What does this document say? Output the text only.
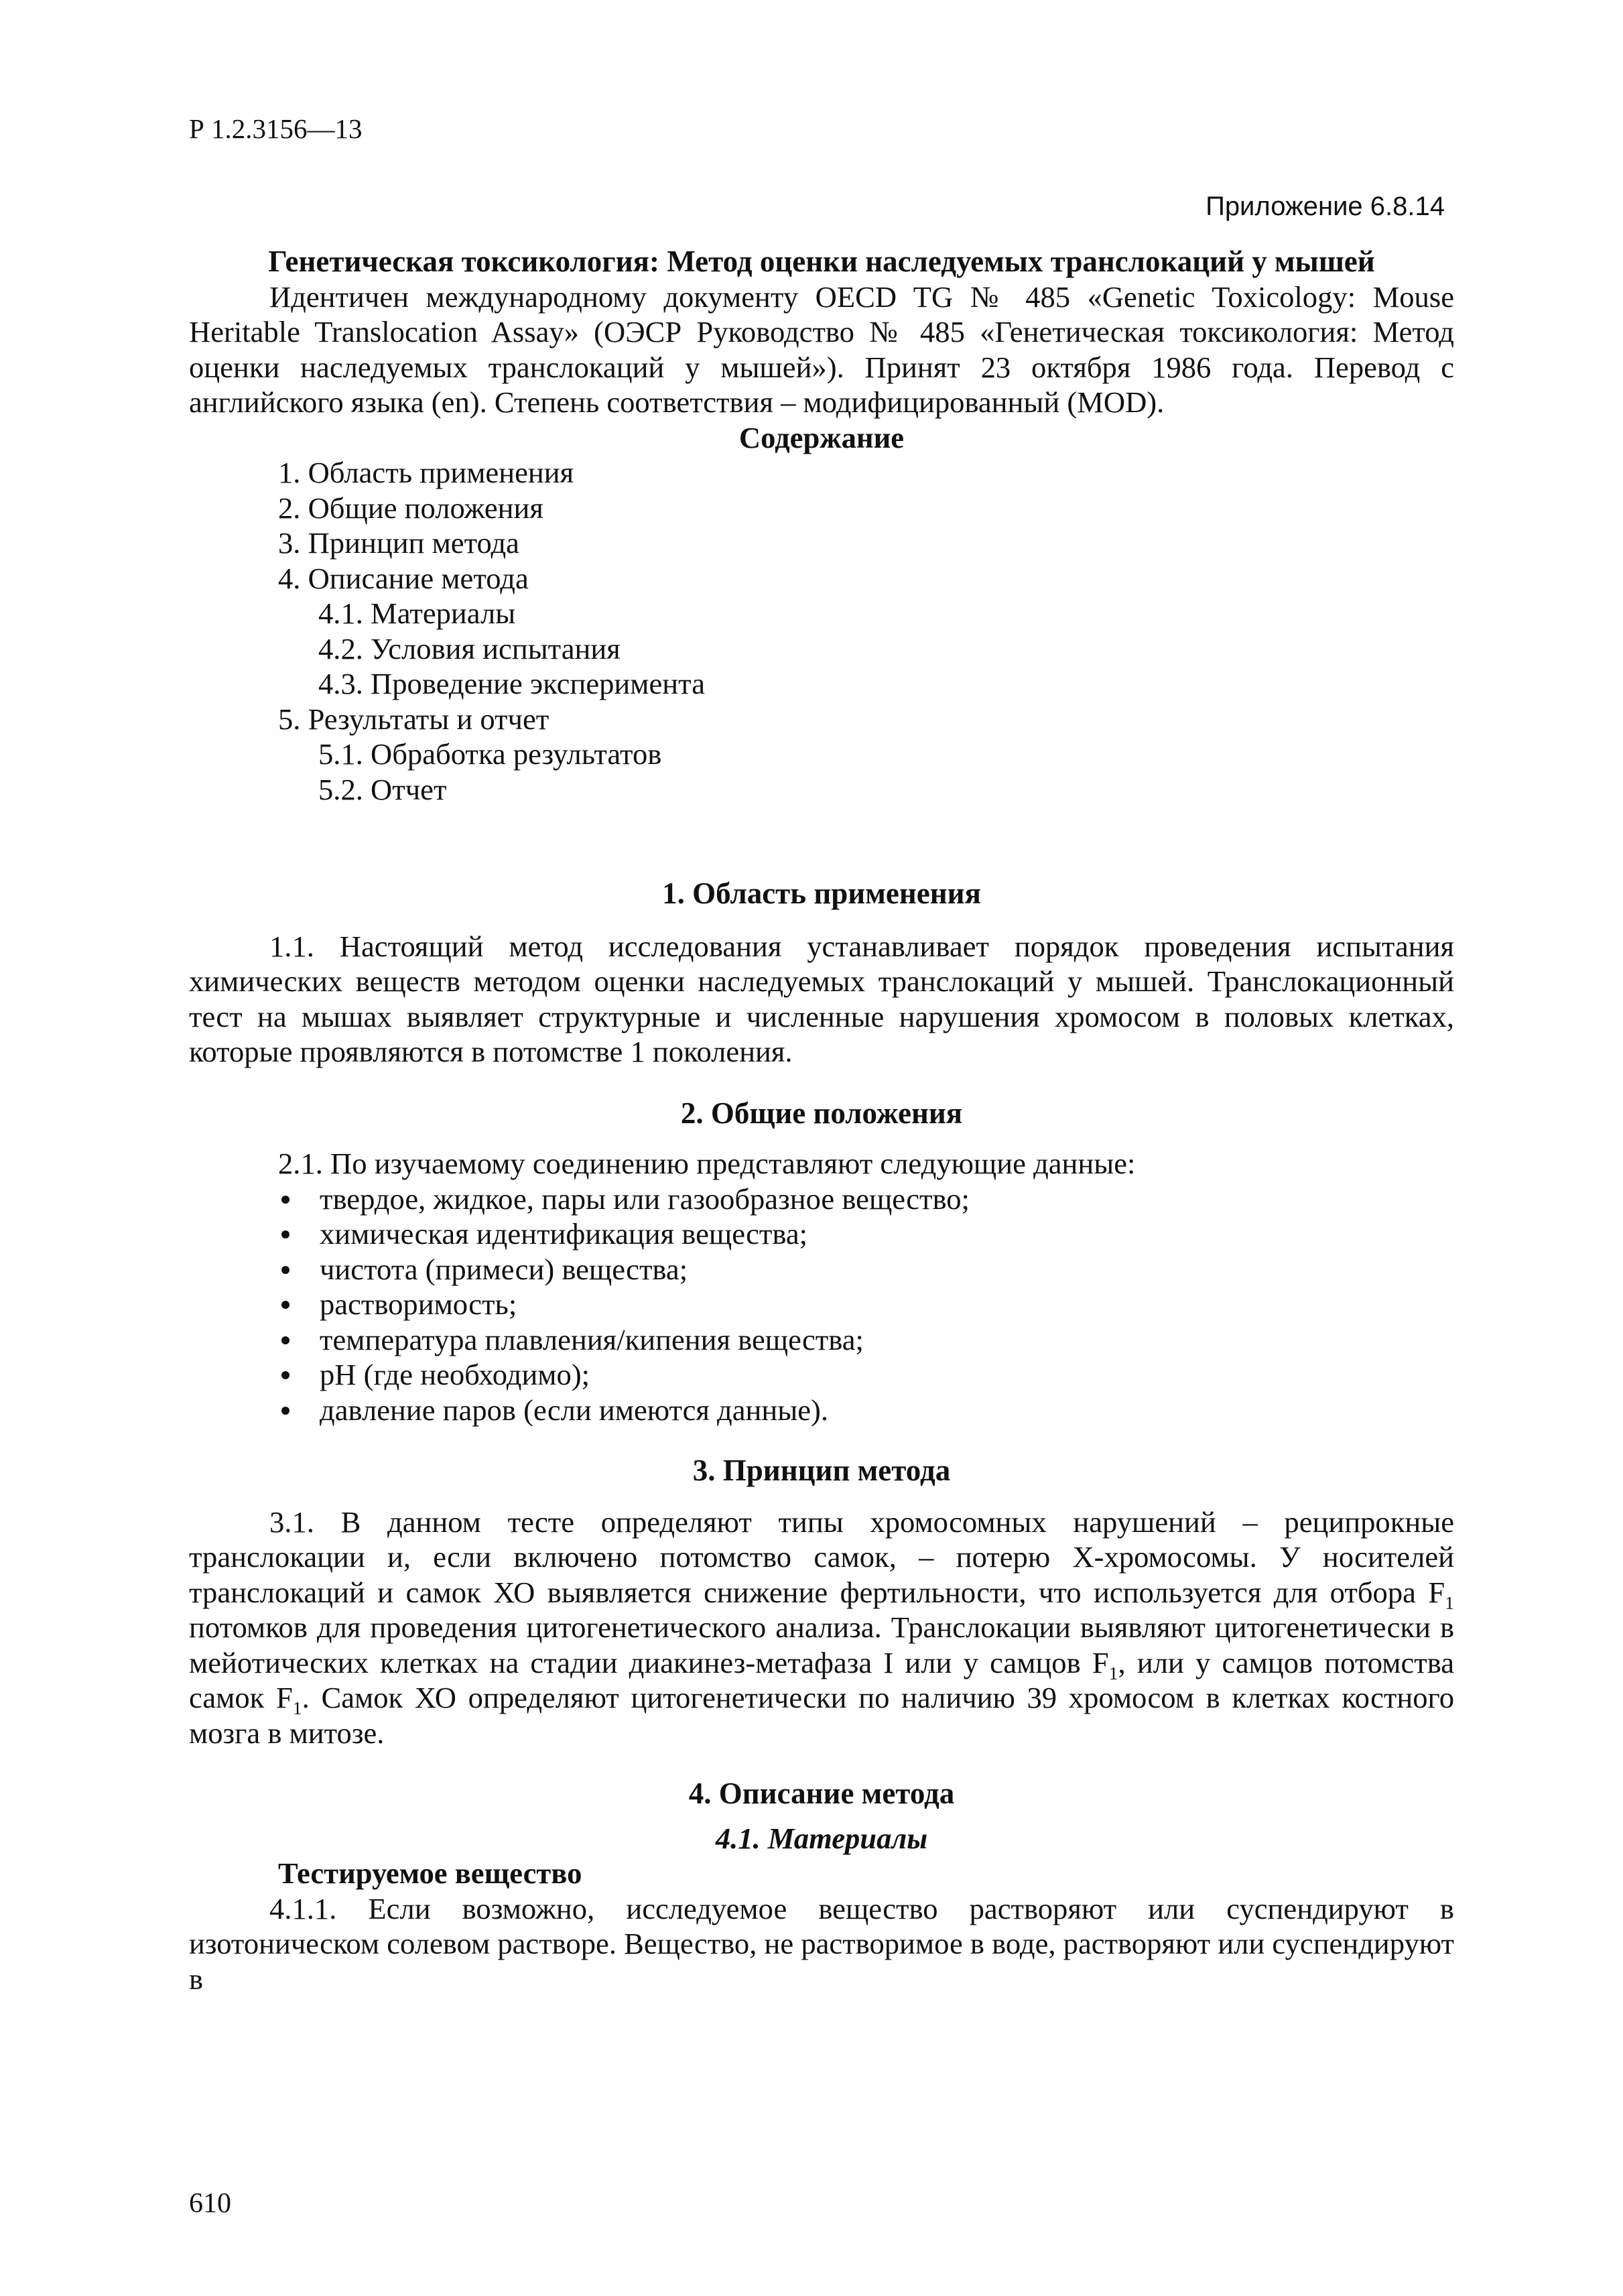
Р 1.2.3156—13
Приложение 6.8.14

Генетическая токсикология: Метод оценки наследуемых транслокаций у мышей

Идентичен международному документу OECD TG № 485 «Genetic Toxicology: Mouse Heritable Translocation Assay» (ОЭСР Руководство № 485 «Генетическая токсикология: Метод оценки наследуемых транслокаций у мышей»). Принят 23 октября 1986 года. Перевод с английского языка (en). Степень соответствия – модифицированный (MOD).

Содержание

1. Область применения
2. Общие положения
3. Принцип метода
4. Описание метода
4.1. Материалы
4.2. Условия испытания
4.3. Проведение эксперимента
5. Результаты и отчет
5.1. Обработка результатов
5.2. Отчет
1. Область применения

1.1. Настоящий метод исследования устанавливает порядок проведения испытания химических веществ методом оценки наследуемых транслокаций у мышей. Транслокационный тест на мышах выявляет структурные и численные нарушения хромосом в половых клетках, которые проявляются в потомстве 1 поколения.

2. Общие положения

2.1. По изучаемому соединению представляют следующие данные:

твердое, жидкое, пары или газообразное вещество;
химическая идентификация вещества;
чистота (примеси) вещества;
растворимость;
температура плавления/кипения вещества;
pH (где необходимо);
давление паров (если имеются данные).
3. Принцип метода

3.1. В данном тесте определяют типы хромосомных нарушений – реципрокные транслокации и, если включено потомство самок, – потерю Х-хромосомы. У носителей транслокаций и самок ХО выявляется снижение фертильности, что используется для отбора $F_1$ потомков для проведения цитогенетического анализа. Транслокации выявляют цитогенетически в мейотических клетках на стадии диакинез-метафаза I или у самцов $F_1$, или у самцов потомства самок $F_1$. Самок ХО определяют цитогенетически по наличию 39 хромосом в клетках костного мозга в митозе.

4. Описание метода

4.1. Материалы

Тестируемое вещество

4.1.1. Если возможно, исследуемое вещество растворяют или суспендируют в изотоническом солевом растворе. Вещество, не растворимое в воде, растворяют или суспендируют в

610
